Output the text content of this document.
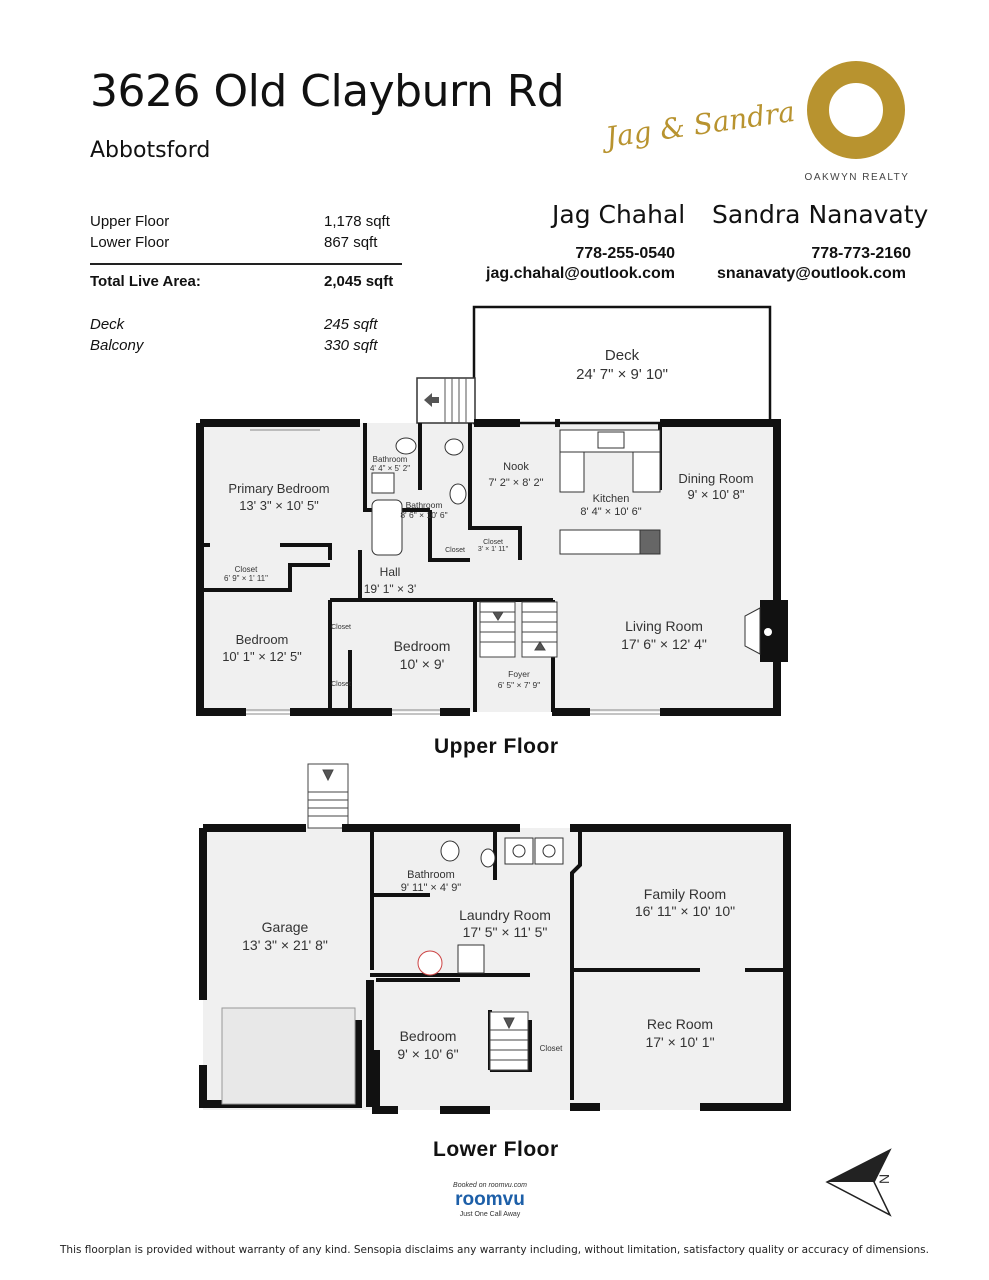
3626 Old Clayburn Rd
Abbotsford
Upper Floor	1,178 sqft
Lower Floor	867 sqft
Total Live Area:	2,045 sqft
Deck	245 sqft
Balcony	330 sqft
Jag & Sandra
OAKWYN REALTY
Jag Chahal Sandra Nanavaty
778-255-0540
jag.chahal@outlook.com
778-773-2160
snanavaty@outlook.com
Deck
24' 7" × 9' 10"
Primary Bedroom
13' 3" × 10' 5"
Bathroom
4' 4" × 5' 2"
Bathroom
8' 6" × 10' 6"
Nook
7' 2" × 8' 2"
Kitchen
8' 4" × 10' 6"
Dining Room
9' × 10' 8"
Closet
6' 9" × 1' 11"
Closet
3' × 1' 11"
Hall
19' 1" × 3'
Bedroom
10' 1" × 12' 5"
Bedroom
10' × 9'
Foyer
6' 5" × 7' 9"
Living Room
17' 6" × 12' 4"
Closet
Closet
Closet
Upper Floor
Garage
13' 3" × 21' 8"
Bathroom
9' 11" × 4' 9"
Laundry Room
17' 5" × 11' 5"
Family Room
16' 11" × 10' 10"
Bedroom
9' × 10' 6"
Rec Room
17' × 10' 1"
Closet
Lower Floor
Booked on roomvu.com
roomvu
Just One Call Away
N
This floorplan is provided without warranty of any kind. Sensopia disclaims any warranty including, without limitation, satisfactory quality or accuracy of dimensions.
